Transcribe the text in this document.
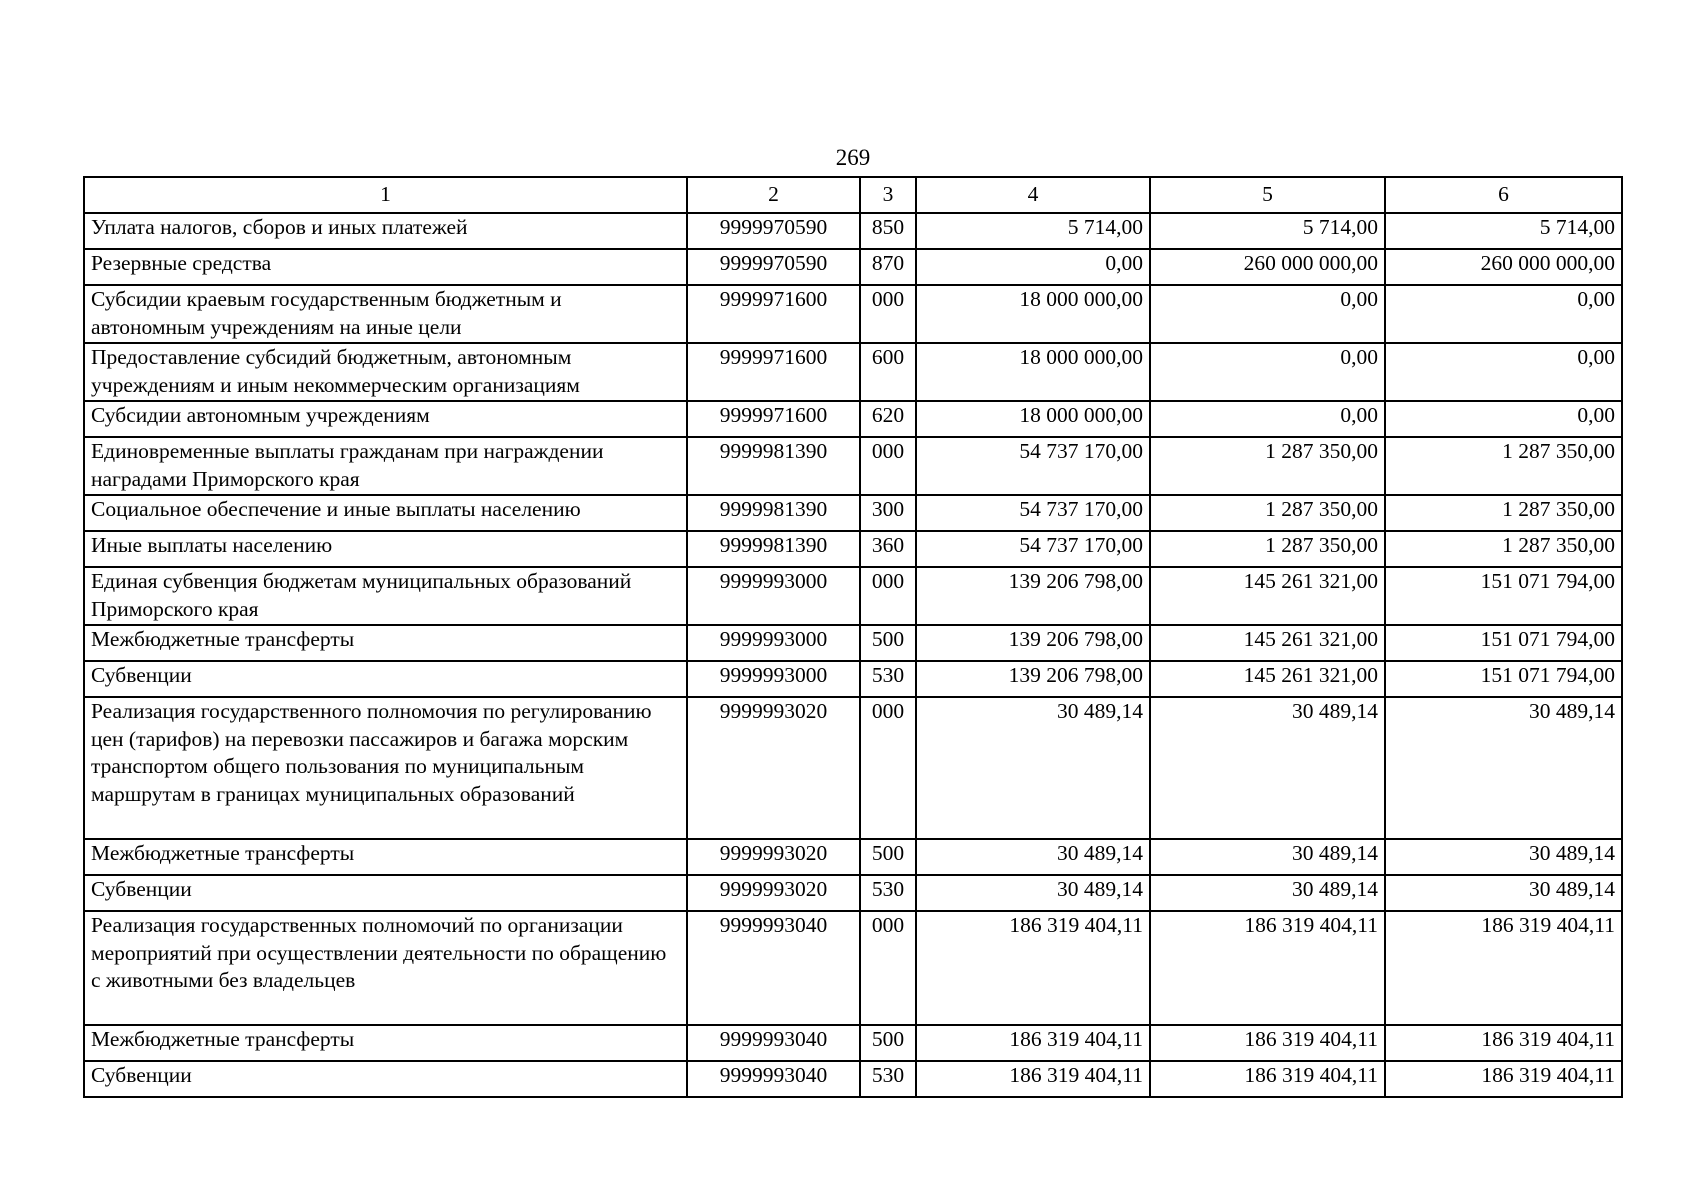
269
1	2	3	4	5	6
Уплата налогов, сборов и иных платежей	9999970590	850	5 714,00	5 714,00	5 714,00
Резервные средства	9999970590	870	0,00	260 000 000,00	260 000 000,00
Субсидии краевым государственным бюджетным и автономным учреждениям на иные цели	9999971600	000	18 000 000,00	0,00	0,00
Предоставление субсидий бюджетным, автономным учреждениям и иным некоммерческим организациям	9999971600	600	18 000 000,00	0,00	0,00
Субсидии автономным учреждениям	9999971600	620	18 000 000,00	0,00	0,00
Единовременные выплаты гражданам при награждении наградами Приморского края	9999981390	000	54 737 170,00	1 287 350,00	1 287 350,00
Социальное обеспечение и иные выплаты населению	9999981390	300	54 737 170,00	1 287 350,00	1 287 350,00
Иные выплаты населению	9999981390	360	54 737 170,00	1 287 350,00	1 287 350,00
Единая субвенция бюджетам муниципальных образований Приморского края	9999993000	000	139 206 798,00	145 261 321,00	151 071 794,00
Межбюджетные трансферты	9999993000	500	139 206 798,00	145 261 321,00	151 071 794,00
Субвенции	9999993000	530	139 206 798,00	145 261 321,00	151 071 794,00
Реализация государственного полномочия по регулированию цен (тарифов) на перевозки пассажиров и багажа морским транспортом общего пользования по муниципальным маршрутам в границах муниципальных образований	9999993020	000	30 489,14	30 489,14	30 489,14
Межбюджетные трансферты	9999993020	500	30 489,14	30 489,14	30 489,14
Субвенции	9999993020	530	30 489,14	30 489,14	30 489,14
Реализация государственных полномочий по организации мероприятий при осуществлении деятельности по обращению с животными без владельцев	9999993040	000	186 319 404,11	186 319 404,11	186 319 404,11
Межбюджетные трансферты	9999993040	500	186 319 404,11	186 319 404,11	186 319 404,11
Субвенции	9999993040	530	186 319 404,11	186 319 404,11	186 319 404,11
